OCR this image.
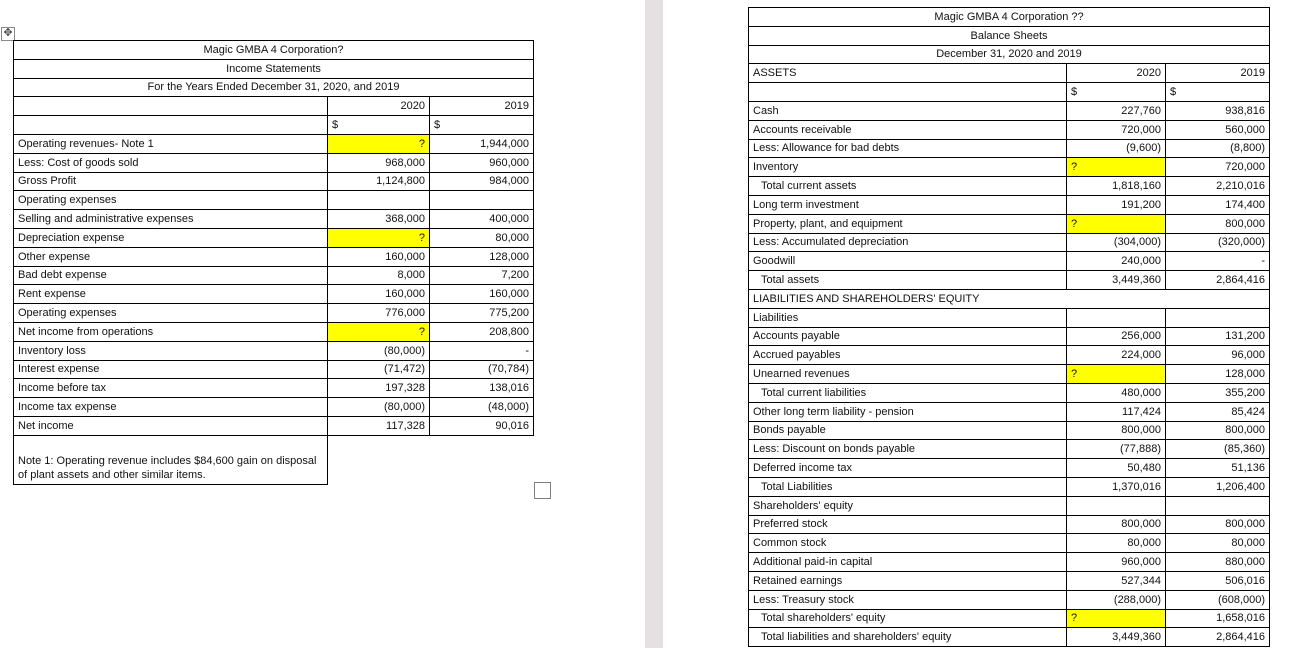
✥
Magic GMBA 4 Corporation?		
Income Statements		
For the Years Ended December 31, 2020, and 2019		
	2020	2019
	$	$
Operating revenues- Note 1	?	1,944,000
Less: Cost of goods sold	968,000	960,000
Gross Profit	1,124,800	984,000
Operating expenses		
Selling and administrative expenses	368,000	400,000
Depreciation expense	?	80,000
Other expense	160,000	128,000
Bad debt expense	8,000	7,200
Rent expense	160,000	160,000
Operating expenses	776,000	775,200
Net income from operations	?	208,800
Inventory loss	(80,000)	-
Interest expense	(71,472)	(70,784)
Income before tax	197,328	138,016
Income tax expense	(80,000)	(48,000)
Net income	117,328	90,016
Note 1: Operating revenue includes $84,600 gain on disposal of plant assets and other similar items.		
Magic GMBA 4 Corporation ??		
Balance Sheets		
December 31, 2020 and 2019		
ASSETS	2020	2019
	$	$
Cash	227,760	938,816
Accounts receivable	720,000	560,000
Less: Allowance for bad debts	(9,600)	(8,800)
Inventory	?	720,000
Total current assets	1,818,160	2,210,016
Long term investment	191,200	174,400
Property, plant, and equipment	?	800,000
Less: Accumulated depreciation	(304,000)	(320,000)
Goodwill	240,000	-
Total assets	3,449,360	2,864,416
LIABILITIES AND SHAREHOLDERS' EQUITY		
Liabilities		
Accounts payable	256,000	131,200
Accrued payables	224,000	96,000
Unearned revenues	?	128,000
Total current liabilities	480,000	355,200
Other long term liability - pension	117,424	85,424
Bonds payable	800,000	800,000
Less: Discount on bonds payable	(77,888)	(85,360)
Deferred income tax	50,480	51,136
Total Liabilities	1,370,016	1,206,400
Shareholders' equity		
Preferred stock	800,000	800,000
Common stock	80,000	80,000
Additional paid-in capital	960,000	880,000
Retained earnings	527,344	506,016
Less: Treasury stock	(288,000)	(608,000)
Total shareholders' equity	?	1,658,016
Total liabilities and shareholders' equity	3,449,360	2,864,416
